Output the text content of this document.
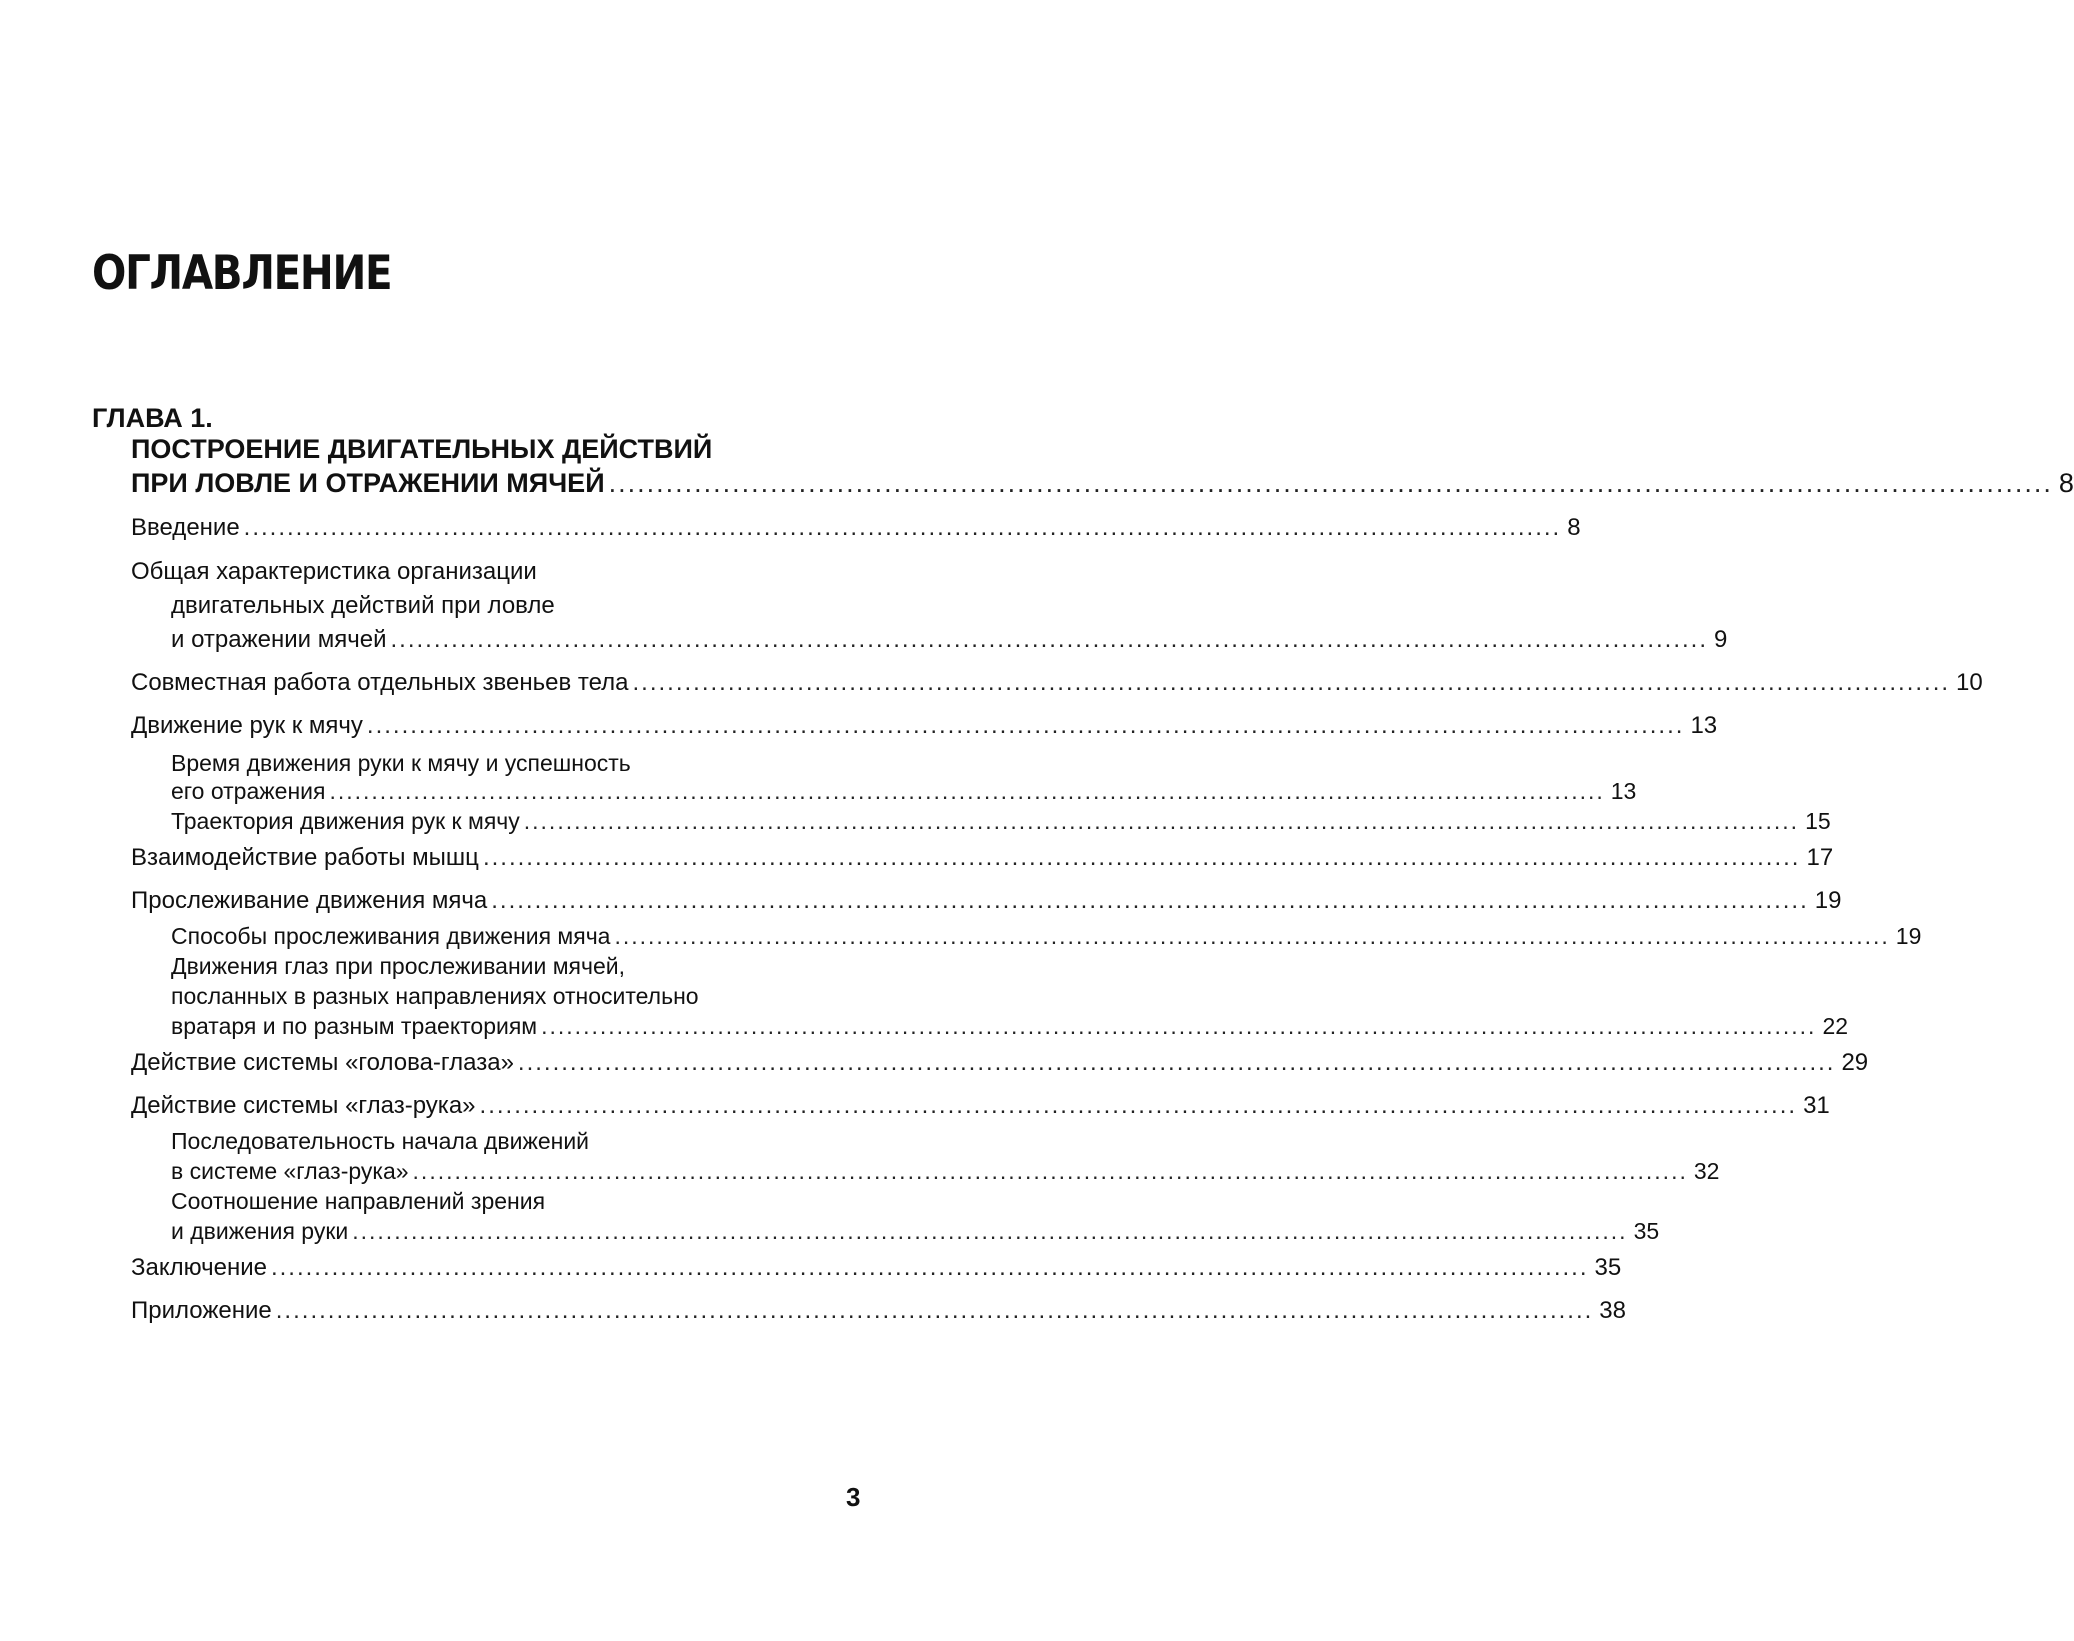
ОГЛАВЛЕНИЕ
ГЛАВА 1.
ПОСТРОЕНИЕ ДВИГАТЕЛЬНЫХ ДЕЙСТВИЙ
ПРИ ЛОВЛЕ И ОТРАЖЕНИИ МЯЧЕЙ ........................................................................................................................................................ 8
Введение ........................................................................................................................................................ 8
Общая характеристика организации
двигательных действий при ловле
и отражении мячей ........................................................................................................................................................ 9
Совместная работа отдельных звеньев тела ........................................................................................................................................................ 10
Движение рук к мячу ........................................................................................................................................................ 13
Время движения руки к мячу и успешность
его отражения ........................................................................................................................................................ 13
Траектория движения рук к мячу ........................................................................................................................................................ 15
Взаимодействие работы мышц ........................................................................................................................................................ 17
Прослеживание движения мяча ........................................................................................................................................................ 19
Способы прослеживания движения мяча ........................................................................................................................................................ 19
Движения глаз при прослеживании мячей,
посланных в разных направлениях относительно
вратаря и по разным траекториям ........................................................................................................................................................ 22
Действие системы «голова-глаза» ........................................................................................................................................................ 29
Действие системы «глаз-рука» ........................................................................................................................................................ 31
Последовательность начала движений
в системе «глаз-рука» ........................................................................................................................................................ 32
Соотношение направлений зрения
и движения руки ........................................................................................................................................................ 35
Заключение ........................................................................................................................................................ 35
Приложение ........................................................................................................................................................ 38
3
